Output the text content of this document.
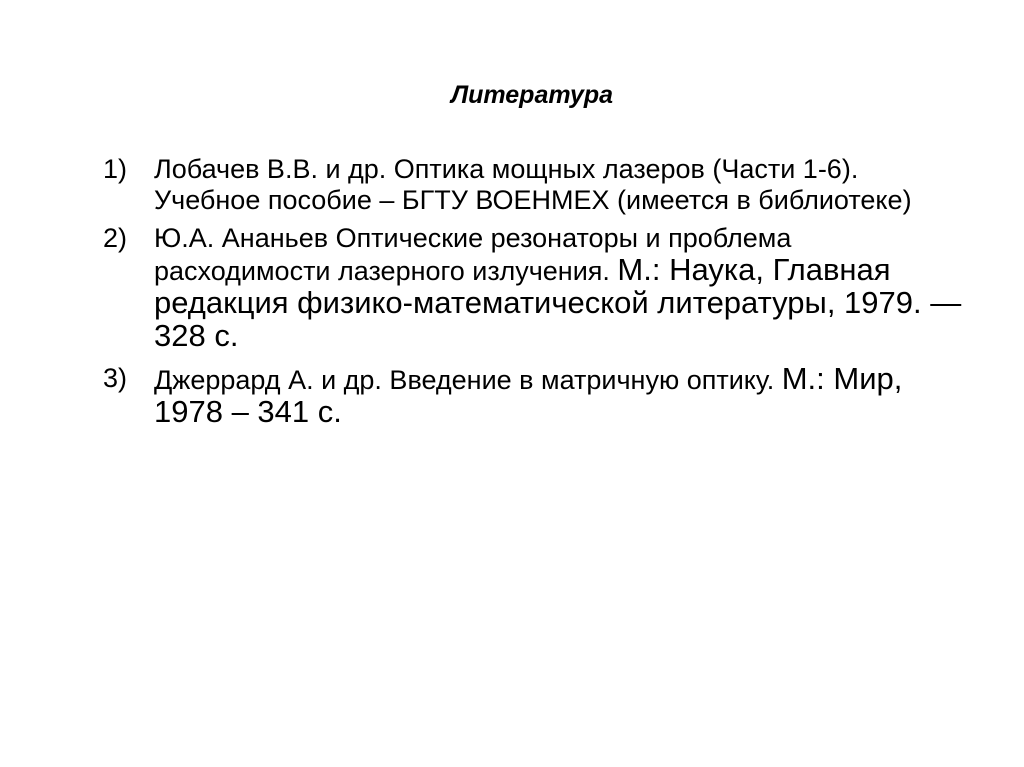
Литература
1) Лобачев В.В. и др. Оптика мощных лазеров (Части 1-6). Учебное пособие – БГТУ ВОЕНМЕХ (имеется в библиотеке)
2) Ю.А. Ананьев Оптические резонаторы и проблема расходимости лазерного излучения. М.: Наука, Главная редакция физико-математической литературы, 1979. — 328 с.
3) Джеррард А. и др. Введение в матричную оптику. М.: Мир, 1978 – 341 с.
